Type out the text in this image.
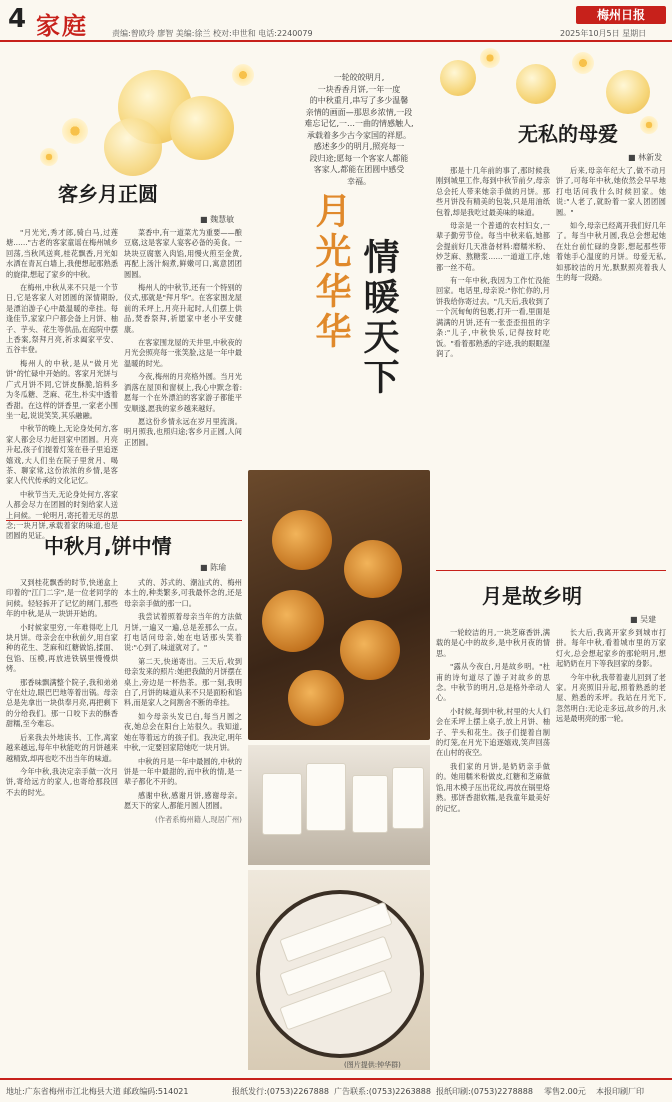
4 家庭	责编:曾欧玲 廖智 美编:徐兰 校对:申世和 电话:2240079
梅州日报
2025年10月5日 星期日
一轮皎皎明月,
一块香香月饼,一年一度
的中秋重月,串写了多少温馨
亲情的画面—那思乡浓情,一段
难忘记忆,一…一曲的情感触人,
承载着多少古今家国的祥愿。
感述多少的明月,照亮每一
段归途;愿每一个客家人都能
客家人,都能在团圆中感受
幸福。
月光华华 情暖天下
客乡月正圆
■ 魏慧敏

"月光光,秀才郎,骑白马,过莲塘……"古老的客家童谣在梅州城乡回荡,当秋风送爽,桂花飘香,月光如水洒在青瓦白墙上,我便想起那熟悉的旋律,想起了家乡的中秋。

在梅州,中秋从来不只是一个节日,它是客家人对团圆的深情期盼,是漂泊游子心中最温暖的牵挂。每逢佳节,家家户户都会备上月饼、柚子、芋头、花生等供品,在庭院中摆上香案,祭拜月亮,祈求阖家平安、五谷丰登。

梅州人的中秋,是从"做月光饼"的忙碌中开始的。客家月光饼与广式月饼不同,它饼皮酥脆,馅料多为冬瓜糖、芝麻、花生,朴实中透着香甜。在这样的饼香里,一家老小围坐一起,说说笑笑,其乐融融。

中秋节的晚上,无论身处何方,客家人都会尽力赶回家中团圆。月亮升起,孩子们提着灯笼在巷子里追逐嬉戏,大人们坐在院子里赏月、喝茶、聊家常,这份浓浓的乡情,是客家人代代传承的文化记忆。

中秋节当天,无论身处何方,客家人都会尽力在团圆的时刻给家人送上问候。一轮明月,寄托着无尽的思念;一块月饼,承载着家的味道,也是团圆的见证。

中秋月,饼中情
■ 陈瑜

又到桂花飘香的时节,快递盒上印着的"江门二字",是一位老同学的问候。轻轻拆开了记忆的闸门,那些年的中秋,是从一块饼开始的。

小时候家里穷,一年难得吃上几块月饼。母亲会在中秋前夕,用自家种的花生、芝麻和红糖做馅,揉面、包馅、压模,再放进铁锅里慢慢烘烤。

那香味飘满整个院子,我和弟弟守在灶边,眼巴巴地等着出锅。母亲总是先拿出一块供奉月亮,再把剩下的分给我们。那一口咬下去的酥香甜糯,至今难忘。

后来我去外地读书、工作,离家越来越远,每年中秋能吃的月饼越来越精致,却再也吃不出当年的味道。

今年中秋,我决定亲手做一次月饼,寄给远方的家人,也寄给那段回不去的时光。

式的、苏式的、潮汕式的、梅州本土的,种类繁多,可我最怀念的,还是母亲亲手做的那一口。

我尝试着照着母亲当年的方法做月饼,一遍又一遍,总是差那么一点。打电话问母亲,她在电话那头笑着说:"心到了,味道就对了。"

第二天,快递寄出。三天后,收到母亲发来的照片:她把我做的月饼摆在桌上,旁边是一杯热茶。那一刻,我明白了,月饼的味道从来不只是面粉和馅料,而是家人之间割舍不断的牵挂。

如今母亲头发已白,每当月圆之夜,她总会在阳台上站很久。我知道,她在等着远方的孩子们。我决定,明年中秋,一定要回家陪她吃一块月饼。

中秋的月是一年中最圆的,中秋的饼是一年中最甜的,而中秋的情,是一辈子都化不开的。

感谢中秋,感谢月饼,感谢母亲。愿天下的家人,都能月圆人团圆。

(作者系梅州籍人,现居广州)

菜香中,有一道菜尤为重要——酿豆腐,这是客家人宴客必备的美食。一块块豆腐塞入肉馅,用慢火煎至金黄,再配上汤汁焖煮,鲜嫩可口,寓意团团圆圆。

梅州人的中秋节,还有一个特别的仪式,那就是"拜月华"。在客家围龙屋前的禾坪上,月亮升起时,人们摆上供品,焚香祭拜,祈愿家中老小平安健康。

在客家围龙屋的天井里,中秋夜的月光会照亮每一张笑脸,这是一年中最温暖的时光。

今夜,梅州的月亮格外圆。当月光洒落在屋顶和窗棂上,我心中默念着:愿每一个在外漂泊的客家游子都能平安顺遂,愿我的家乡越来越好。

愿这份乡情永远在岁月里流淌。明月照我,也照归途;客乡月正圆,人间正团圆。

(图片提供:钟华群)
无私的母爱
■ 林新发

那是十几年前的事了,那时候我刚到城里工作,每到中秋节前夕,母亲总会托人带来她亲手做的月饼。那些月饼没有精美的包装,只是用油纸包着,却是我吃过最美味的味道。

母亲是一个普通的农村妇女,一辈子勤劳节俭。每当中秋来临,她都会提前好几天准备材料:磨糯米粉、炒芝麻、熬糖浆……一道道工序,她都一丝不苟。

有一年中秋,我因为工作忙没能回家。电话里,母亲说:"你忙你的,月饼我给你寄过去。"几天后,我收到了一个沉甸甸的包裹,打开一看,里面是满满的月饼,还有一张歪歪扭扭的字条:"儿子,中秋快乐,记得按时吃饭。"看着那熟悉的字迹,我的眼眶湿润了。

后来,母亲年纪大了,做不动月饼了,可每年中秋,她依然会早早地打电话问我什么时候回家。她说:"人老了,就盼着一家人团团圆圆。"

如今,母亲已经离开我们好几年了。每当中秋月圆,我总会想起她在灶台前忙碌的身影,想起那些带着她手心温度的月饼。母爱无私,如那皎洁的月光,默默照亮着我人生的每一段路。

月是故乡明
■ 吴建

一轮皎洁的月,一块芝麻香饼,满载的是心中的故乡,是中秋月夜的情思。

"露从今夜白,月是故乡明。"杜甫的诗句道尽了游子对故乡的思念。中秋节的明月,总是格外牵动人心。

小时候,每到中秋,村里的大人们会在禾坪上摆上桌子,放上月饼、柚子、芋头和花生。孩子们提着自制的灯笼,在月光下追逐嬉戏,笑声回荡在山村的夜空。

我们家的月饼,是奶奶亲手做的。她用糯米粉做皮,红糖和芝麻做馅,用木模子压出花纹,再放在锅里烙熟。那饼香甜软糯,是我童年最美好的记忆。

长大后,我离开家乡到城市打拼。每年中秋,看着城市里的万家灯火,总会想起家乡的那轮明月,想起奶奶在月下等我回家的身影。

今年中秋,我带着妻儿回到了老家。月亮照旧升起,照着熟悉的老屋、熟悉的禾坪。我站在月光下,忽然明白:无论走多远,故乡的月,永远是最明亮的那一轮。

地址:广东省梅州市江北梅县大道 邮政编码:514021	报纸发行:(0753)2267888 广告联系:(0753)2263888 报纸印刷:(0753)2278888 零售2.00元 本报印刷厂印
